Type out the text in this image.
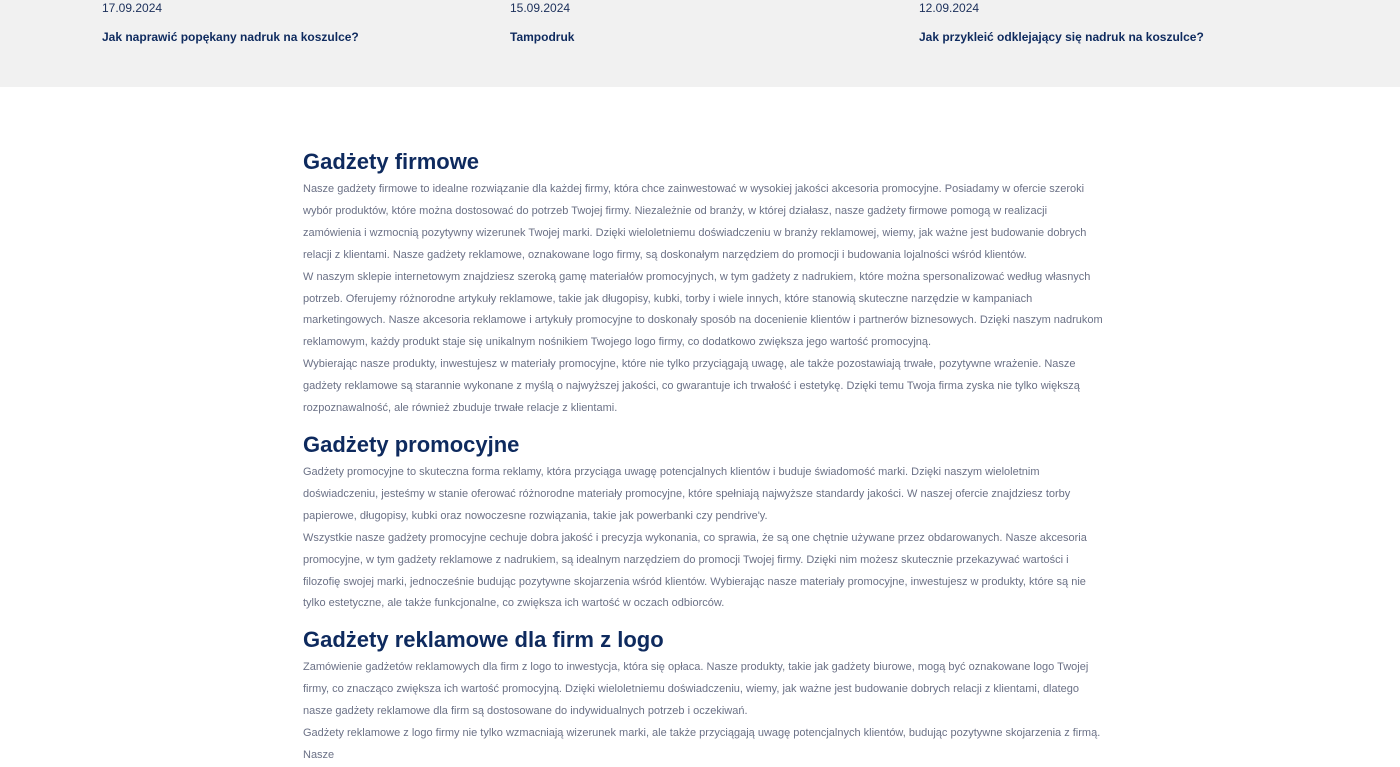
17.09.2024
Jak naprawić popękany nadruk na koszulce?
15.09.2024
Tampodruk
12.09.2024
Jak przykleić odklejający się nadruk na koszulce?
Gadżety firmowe

Nasze gadżety firmowe to idealne rozwiązanie dla każdej firmy, która chce zainwestować w wysokiej jakości akcesoria promocyjne. Posiadamy w ofercie szeroki wybór produktów, które można dostosować do potrzeb Twojej firmy. Niezależnie od branży, w której działasz, nasze gadżety firmowe pomogą w realizacji zamówienia i wzmocnią pozytywny wizerunek Twojej marki. Dzięki wieloletniemu doświadczeniu w branży reklamowej, wiemy, jak ważne jest budowanie dobrych relacji z klientami. Nasze gadżety reklamowe, oznakowane logo firmy, są doskonałym narzędziem do promocji i budowania lojalności wśród klientów.

W naszym sklepie internetowym znajdziesz szeroką gamę materiałów promocyjnych, w tym gadżety z nadrukiem, które można spersonalizować według własnych potrzeb. Oferujemy różnorodne artykuły reklamowe, takie jak długopisy, kubki, torby i wiele innych, które stanowią skuteczne narzędzie w kampaniach marketingowych. Nasze akcesoria reklamowe i artykuły promocyjne to doskonały sposób na docenienie klientów i partnerów biznesowych. Dzięki naszym nadrukom reklamowym, każdy produkt staje się unikalnym nośnikiem Twojego logo firmy, co dodatkowo zwiększa jego wartość promocyjną.

Wybierając nasze produkty, inwestujesz w materiały promocyjne, które nie tylko przyciągają uwagę, ale także pozostawiają trwałe, pozytywne wrażenie. Nasze gadżety reklamowe są starannie wykonane z myślą o najwyższej jakości, co gwarantuje ich trwałość i estetykę. Dzięki temu Twoja firma zyska nie tylko większą rozpoznawalność, ale również zbuduje trwałe relacje z klientami.

Gadżety promocyjne

Gadżety promocyjne to skuteczna forma reklamy, która przyciąga uwagę potencjalnych klientów i buduje świadomość marki. Dzięki naszym wieloletnim doświadczeniu, jesteśmy w stanie oferować różnorodne materiały promocyjne, które spełniają najwyższe standardy jakości. W naszej ofercie znajdziesz torby papierowe, długopisy, kubki oraz nowoczesne rozwiązania, takie jak powerbanki czy pendrive'y.

Wszystkie nasze gadżety promocyjne cechuje dobra jakość i precyzja wykonania, co sprawia, że są one chętnie używane przez obdarowanych. Nasze akcesoria promocyjne, w tym gadżety reklamowe z nadrukiem, są idealnym narzędziem do promocji Twojej firmy. Dzięki nim możesz skutecznie przekazywać wartości i filozofię swojej marki, jednocześnie budując pozytywne skojarzenia wśród klientów. Wybierając nasze materiały promocyjne, inwestujesz w produkty, które są nie tylko estetyczne, ale także funkcjonalne, co zwiększa ich wartość w oczach odbiorców.

Gadżety reklamowe dla firm z logo

Zamówienie gadżetów reklamowych dla firm z logo to inwestycja, która się opłaca. Nasze produkty, takie jak gadżety biurowe, mogą być oznakowane logo Twojej firmy, co znacząco zwiększa ich wartość promocyjną. Dzięki wieloletniemu doświadczeniu, wiemy, jak ważne jest budowanie dobrych relacji z klientami, dlatego nasze gadżety reklamowe dla firm są dostosowane do indywidualnych potrzeb i oczekiwań.

Gadżety reklamowe z logo firmy nie tylko wzmacniają wizerunek marki, ale także przyciągają uwagę potencjalnych klientów, budując pozytywne skojarzenia z firmą. Nasze
